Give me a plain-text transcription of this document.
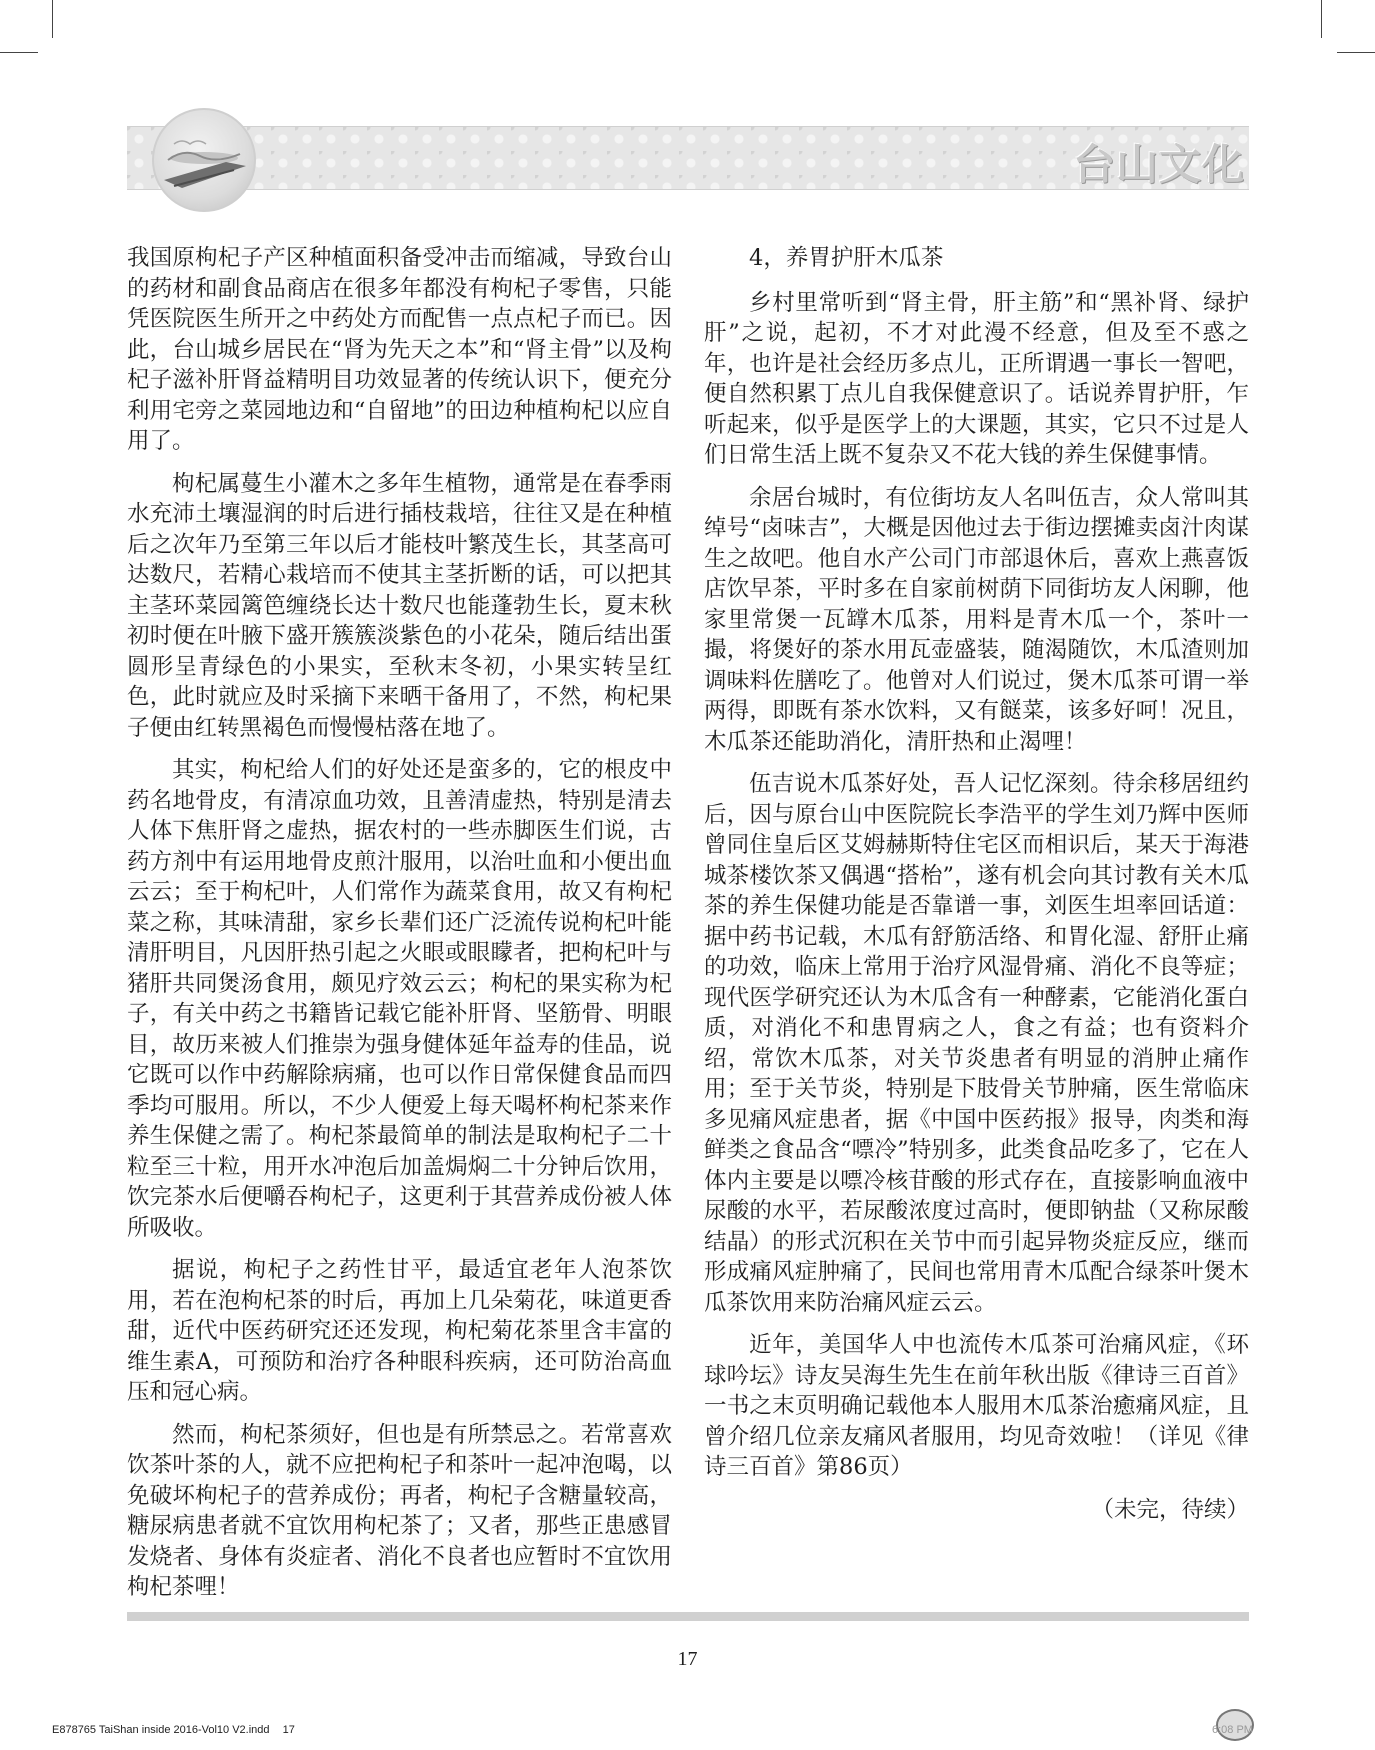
台山文化

我国原枸杞子产区种植面积备受冲击而缩减，导致台山的药材和副食品商店在很多年都没有枸杞子零售，只能凭医院医生所开之中药处方而配售一点点杞子而已。因此，台山城乡居民在“肾为先天之本”和“肾主骨”以及枸杞子滋补肝肾益精明目功效显著的传统认识下，便充分利用宅旁之菜园地边和“自留地”的田边种植枸杞以应自用了。

枸杞属蔓生小灌木之多年生植物，通常是在春季雨水充沛土壤湿润的时后进行插枝栽培，往往又是在种植后之次年乃至第三年以后才能枝叶繁茂生长，其茎高可达数尺，若精心栽培而不使其主茎折断的话，可以把其主茎环菜园篱笆缠绕长达十数尺也能蓬勃生长，夏末秋初时便在叶腋下盛开簇簇淡紫色的小花朵，随后结出蛋圆形呈青绿色的小果实，至秋末冬初，小果实转呈红色，此时就应及时采摘下来晒干备用了，不然，枸杞果子便由红转黑褐色而慢慢枯落在地了。

其实，枸杞给人们的好处还是蛮多的，它的根皮中药名地骨皮，有清凉血功效，且善清虚热，特别是清去人体下焦肝肾之虚热，据农村的一些赤脚医生们说，古药方剂中有运用地骨皮煎汁服用，以治吐血和小便出血云云；至于枸杞叶，人们常作为蔬菜食用，故又有枸杞菜之称，其味清甜，家乡长辈们还广泛流传说枸杞叶能清肝明目，凡因肝热引起之火眼或眼矇者，把枸杞叶与猪肝共同煲汤食用，颇见疗效云云；枸杞的果实称为杞子，有关中药之书籍皆记载它能补肝肾、坚筋骨、明眼目，故历来被人们推崇为强身健体延年益寿的佳品，说它既可以作中药解除病痛，也可以作日常保健食品而四季均可服用。所以，不少人便爱上每天喝杯枸杞茶来作养生保健之需了。枸杞茶最简单的制法是取枸杞子二十粒至三十粒，用开水冲泡后加盖焗焖二十分钟后饮用，饮完茶水后便嚼吞枸杞子，这更利于其营养成份被人体所吸收。

据说，枸杞子之药性甘平，最适宜老年人泡茶饮用，若在泡枸杞茶的时后，再加上几朵菊花，味道更香甜，近代中医药研究还还发现，枸杞菊花茶里含丰富的维生素A，可预防和治疗各种眼科疾病，还可防治高血压和冠心病。

然而，枸杞茶须好，但也是有所禁忌之。若常喜欢饮茶叶茶的人，就不应把枸杞子和茶叶一起冲泡喝，以免破坏枸杞子的营养成份；再者，枸杞子含糖量较高，糖尿病患者就不宜饮用枸杞茶了；又者，那些正患感冒发烧者、身体有炎症者、消化不良者也应暂时不宜饮用枸杞茶哩！

4，养胃护肝木瓜茶

乡村里常听到“肾主骨，肝主筋”和“黑补肾、绿护肝”之说，起初，不才对此漫不经意，但及至不惑之年，也许是社会经历多点儿，正所谓遇一事长一智吧，便自然积累丁点儿自我保健意识了。话说养胃护肝，乍听起来，似乎是医学上的大课题，其实，它只不过是人们日常生活上既不复杂又不花大钱的养生保健事情。

余居台城时，有位街坊友人名叫伍吉，众人常叫其绰号“卤味吉”，大概是因他过去于街边摆摊卖卤汁肉谋生之故吧。他自水产公司门市部退休后，喜欢上燕喜饭店饮早茶，平时多在自家前树荫下同街坊友人闲聊，他家里常煲一瓦罉木瓜茶，用料是青木瓜一个，茶叶一撮，将煲好的茶水用瓦壶盛装，随渴随饮，木瓜渣则加调味料佐膳吃了。他曾对人们说过，煲木瓜茶可谓一举两得，即既有茶水饮料，又有餸菜，该多好呵！况且，木瓜茶还能助消化，清肝热和止渴哩！

伍吉说木瓜茶好处，吾人记忆深刻。待余移居纽约后，因与原台山中医院院长李浩平的学生刘乃辉中医师曾同住皇后区艾姆赫斯特住宅区而相识后，某天于海港城茶楼饮茶又偶遇“搭枱”，遂有机会向其讨教有关木瓜茶的养生保健功能是否靠谱一事，刘医生坦率回话道：据中药书记载，木瓜有舒筋活络、和胃化湿、舒肝止痛的功效，临床上常用于治疗风湿骨痛、消化不良等症；现代医学研究还认为木瓜含有一种酵素，它能消化蛋白质，对消化不和患胃病之人，食之有益；也有资料介绍，常饮木瓜茶，对关节炎患者有明显的消肿止痛作用；至于关节炎，特别是下肢骨关节肿痛，医生常临床多见痛风症患者，据《中国中医药报》报导，肉类和海鲜类之食品含“嘌冷”特别多，此类食品吃多了，它在人体内主要是以嘌冷核苷酸的形式存在，直接影响血液中尿酸的水平，若尿酸浓度过高时，便即钠盐（又称尿酸结晶）的形式沉积在关节中而引起异物炎症反应，继而形成痛风症肿痛了，民间也常用青木瓜配合绿茶叶煲木瓜茶饮用来防治痛风症云云。

近年，美国华人中也流传木瓜茶可治痛风症，《环球吟坛》诗友吴海生先生在前年秋出版《律诗三百首》一书之末页明确记载他本人服用木瓜茶治癒痛风症，且曾介绍几位亲友痛风者服用，均见奇效啦！（详见《律诗三百首》第86页）

（未完，待续）

17
E878765 TaiShan inside 2016-Vol10 V2.indd 17	6:08 PM
